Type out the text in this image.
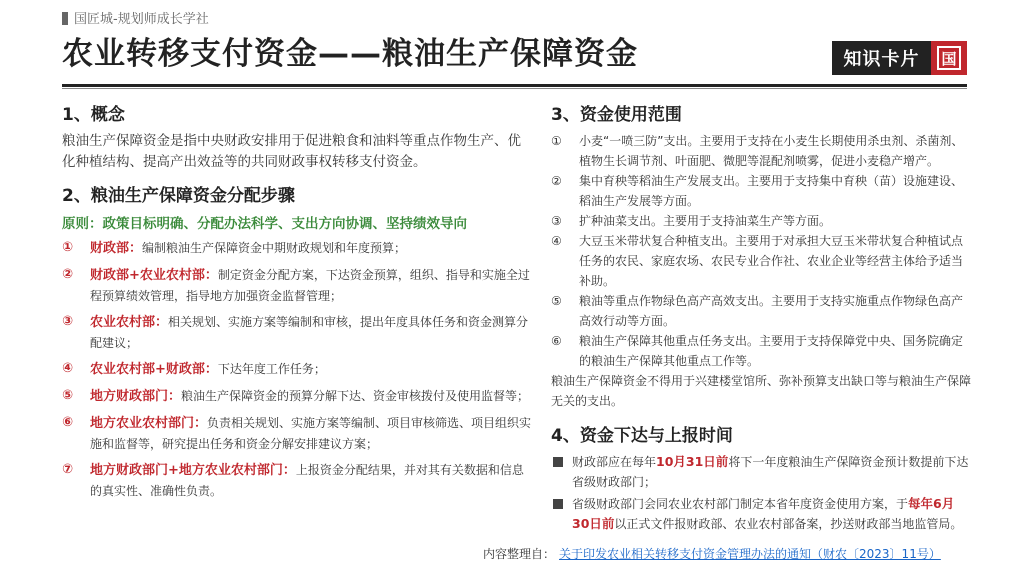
国匠城-规划师成长学社
农业转移支付资金——粮油生产保障资金	知识卡片	国
1、概念

粮油生产保障资金是指中央财政安排用于促进粮食和油料等重点作物生产、优化种植结构、提高产出效益等的共同财政事权转移支付资金。

2、粮油生产保障资金分配步骤
原则：政策目标明确、分配办法科学、支出方向协调、坚持绩效导向
①	财政部：编制粮油生产保障资金中期财政规划和年度预算；
②	财政部+农业农村部：制定资金分配方案，下达资金预算，组织、指导和实施全过程预算绩效管理，指导地方加强资金监督管理；
③	农业农村部：相关规划、实施方案等编制和审核，提出年度具体任务和资金测算分配建议；
④	农业农村部+财政部：下达年度工作任务；
⑤	地方财政部门：粮油生产保障资金的预算分解下达、资金审核拨付及使用监督等；
⑥	地方农业农村部门：负责相关规划、实施方案等编制、项目审核筛选、项目组织实施和监督等，研究提出任务和资金分解安排建议方案；
⑦	地方财政部门+地方农业农村部门：上报资金分配结果，并对其有关数据和信息的真实性、准确性负责。
3、资金使用范围
①	小麦“一喷三防”支出。主要用于支持在小麦生长期使用杀虫剂、杀菌剂、植物生长调节剂、叶面肥、微肥等混配剂喷雾，促进小麦稳产增产。
②	集中育秧等稻油生产发展支出。主要用于支持集中育秧（苗）设施建设、稻油生产发展等方面。
③	扩种油菜支出。主要用于支持油菜生产等方面。
④	大豆玉米带状复合种植支出。主要用于对承担大豆玉米带状复合种植试点任务的农民、家庭农场、农民专业合作社、农业企业等经营主体给予适当补助。
⑤	粮油等重点作物绿色高产高效支出。主要用于支持实施重点作物绿色高产高效行动等方面。
⑥	粮油生产保障其他重点任务支出。主要用于支持保障党中央、国务院确定的粮油生产保障其他重点工作等。
粮油生产保障资金不得用于兴建楼堂馆所、弥补预算支出缺口等与粮油生产保障无关的支出。
4、资金下达与上报时间
财政部应在每年10月31日前将下一年度粮油生产保障资金预计数提前下达省级财政部门；
省级财政部门会同农业农村部门制定本省年度资金使用方案，于每年6月30日前以正式文件报财政部、农业农村部备案，抄送财政部当地监管局。
内容整理自： 关于印发农业相关转移支付资金管理办法的通知（财农〔2023〕11号）
